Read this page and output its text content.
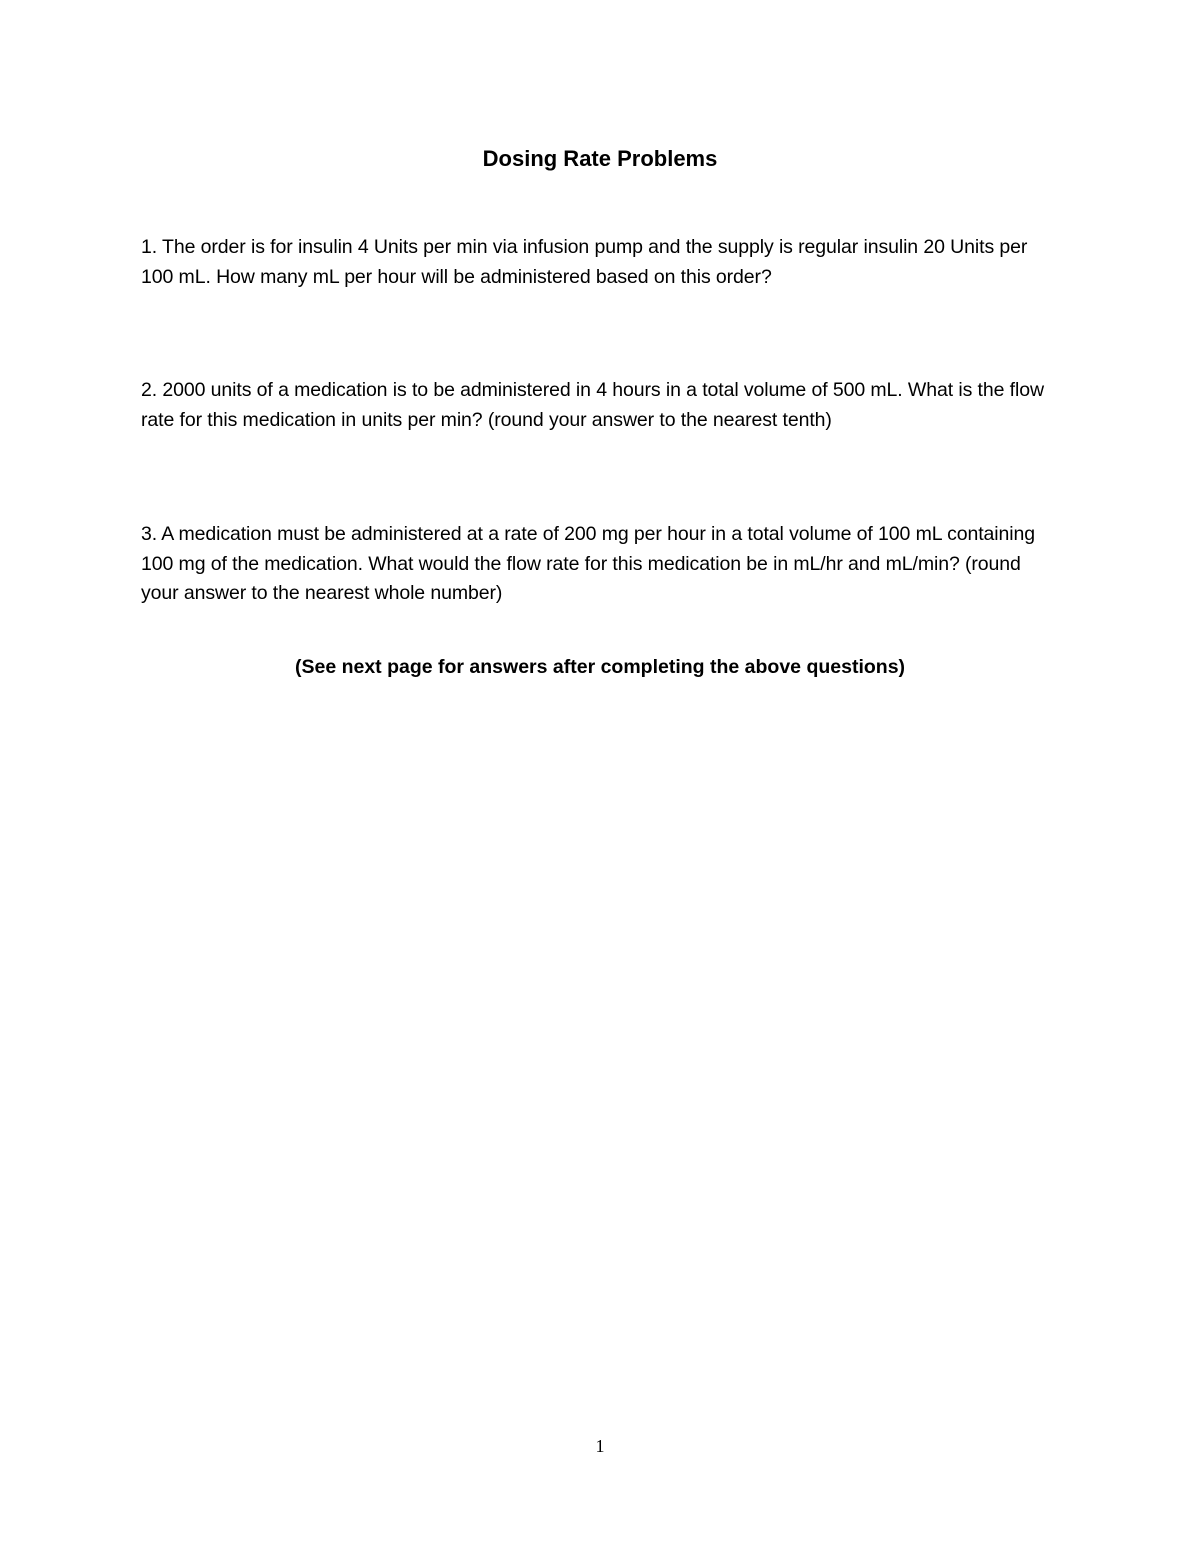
Dosing Rate Problems
1. The order is for insulin 4 Units per min via infusion pump and the supply is regular insulin 20 Units per 100 mL. How many mL per hour will be administered based on this order?
2. 2000 units of a medication is to be administered in 4 hours in a total volume of 500 mL. What is the flow rate for this medication in units per min? (round your answer to the nearest tenth)
3. A medication must be administered at a rate of 200 mg per hour in a total volume of 100 mL containing 100 mg of the medication. What would the flow rate for this medication be in mL/hr and mL/min? (round your answer to the nearest whole number)
(See next page for answers after completing the above questions)
1
